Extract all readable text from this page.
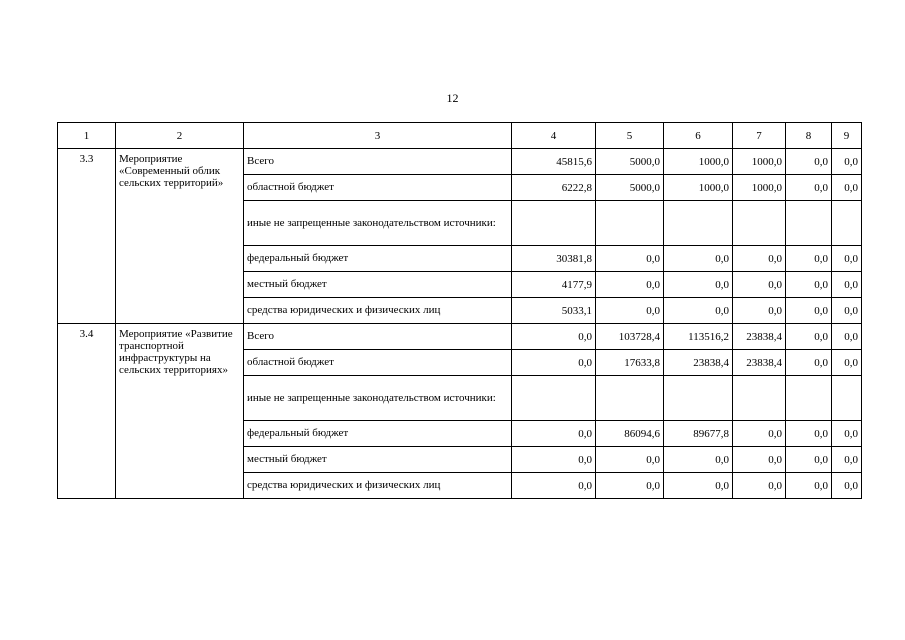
12
1	2	3	4	5	6	7	8	9
3.3	Мероприятие «Современный облик сельских территорий»	Всего	45815,6	5000,0	1000,0	1000,0	0,0	0,0
		областной бюджет	6222,8	5000,0	1000,0	1000,0	0,0	0,0
		иные не запрещенные законодательством источники:						
		федеральный бюджет	30381,8	0,0	0,0	0,0	0,0	0,0
		местный бюджет	4177,9	0,0	0,0	0,0	0,0	0,0
		средства юридических и физических лиц	5033,1	0,0	0,0	0,0	0,0	0,0
3.4	Мероприятие «Развитие транспортной инфраструктуры на сельских территориях»	Всего	0,0	103728,4	113516,2	23838,4	0,0	0,0
		областной бюджет	0,0	17633,8	23838,4	23838,4	0,0	0,0
		иные не запрещенные законодательством источники:						
		федеральный бюджет	0,0	86094,6	89677,8	0,0	0,0	0,0
		местный бюджет	0,0	0,0	0,0	0,0	0,0	0,0
		средства юридических и физических лиц	0,0	0,0	0,0	0,0	0,0	0,0
